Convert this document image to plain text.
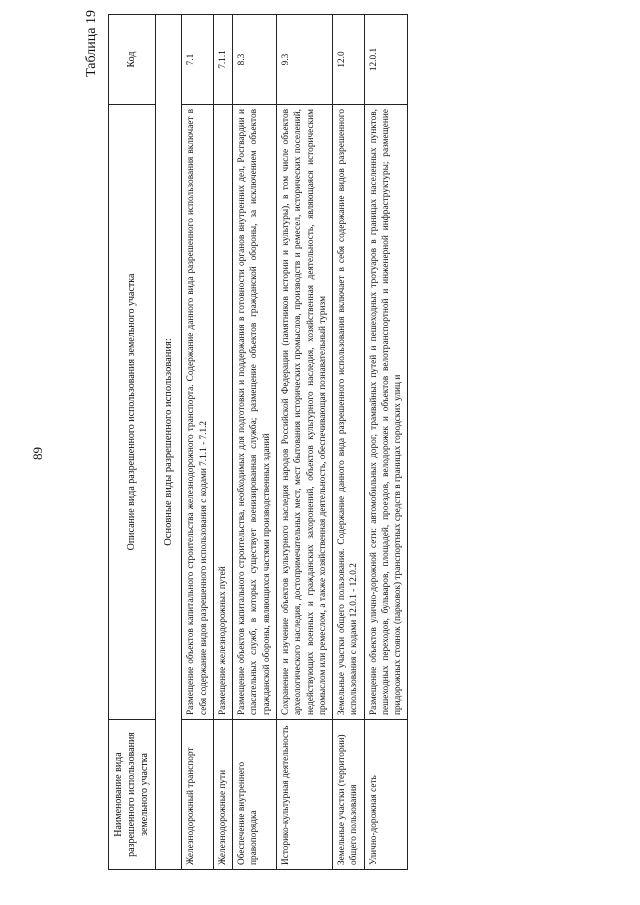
89
Таблица 19
Наименование вида разрешенного использования земельного участка	Описание вида разрешенного использования земельного участка	Код
Основные виды разрешенного использования:		
Железнодорожный транспорт	Размещение объектов капитального строительства железнодорожного транспорта. Содержание данного вида разрешенного использования включает в себя содержание видов разрешенного использования с кодами 7.1.1 - 7.1.2	7.1
Железнодорожные пути	Размещение железнодорожных путей	7.1.1
Обеспечение внутреннего правопорядка	Размещение объектов капитального строительства, необходимых для подготовки и поддержания в готовности органов внутренних дел, Росгвардии и спасательных служб, в которых существует военизированная служба; размещение объектов гражданской обороны, за исключением объектов гражданской обороны, являющихся частями производственных зданий	8.3
Историко-культурная деятельность	Сохранение и изучение объектов культурного наследия народов Российской Федерации (памятников истории и культуры), в том числе объектов археологического наследия, достопримечательных мест, мест бытования исторических промыслов, производств и ремесел, исторических поселений, недействующих военных и гражданских захоронений, объектов культурного наследия, хозяйственная деятельность, являющаяся историческим промыслом или ремеслом, а также хозяйственная деятельность, обеспечивающая познавательный туризм	9.3
Земельные участки (территории) общего пользования	Земельные участки общего пользования. Содержание данного вида разрешенного использования включает в себя содержание видов разрешенного использования с кодами 12.0.1 - 12.0.2	12.0
Улично-дорожная сеть	Размещение объектов улично-дорожной сети: автомобильных дорог, трамвайных путей и пешеходных тротуаров в границах населенных пунктов, пешеходных переходов, бульваров, площадей, проездов, велодорожек и объектов велотранспортной и инженерной инфраструктуры; размещение придорожных стоянок (парковок) транспортных средств в границах городских улиц и	12.0.1
